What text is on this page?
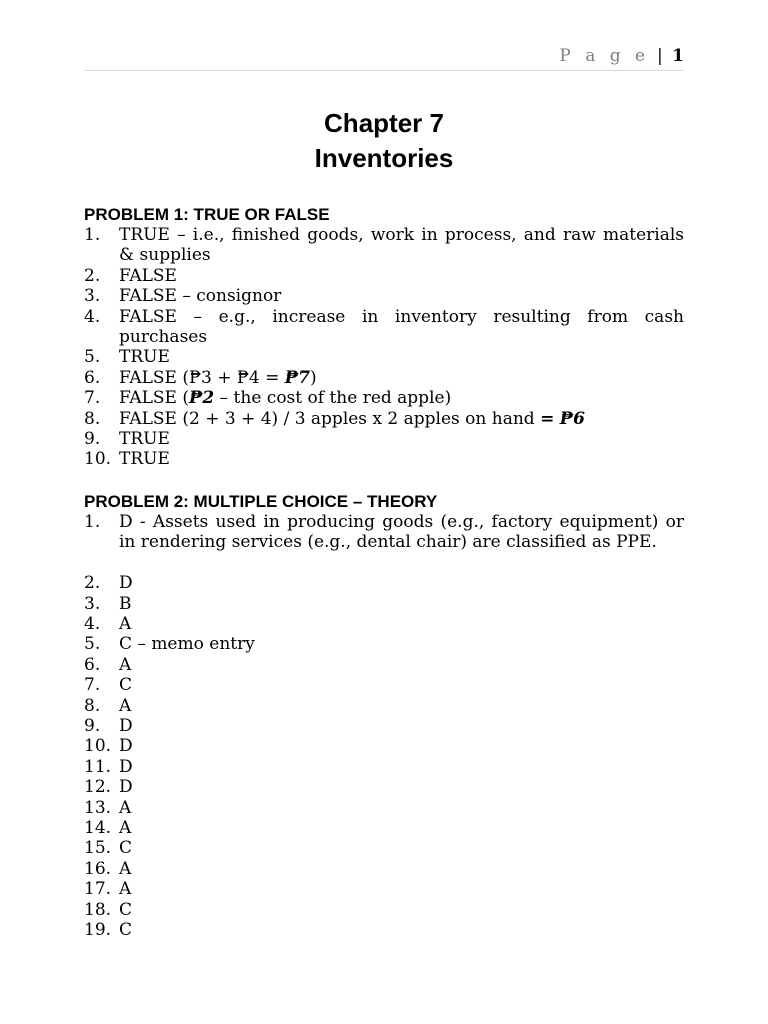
P a g e | 1
Chapter 7
Inventories
PROBLEM 1: TRUE OR FALSE
1. TRUE – i.e., finished goods, work in process, and raw materials & supplies
2. FALSE
3. FALSE – consignor
4. FALSE – e.g., increase in inventory resulting from cash purchases
5. TRUE
6. FALSE (₱3 + ₱4 = ₱7)
7. FALSE (₱2 – the cost of the red apple)
8. FALSE (2 + 3 + 4) / 3 apples x 2 apples on hand = ₱6
9. TRUE
10. TRUE
PROBLEM 2: MULTIPLE CHOICE – THEORY
1. D - Assets used in producing goods (e.g., factory equipment) or in rendering services (e.g., dental chair) are classified as PPE.
2. D
3. B
4. A
5. C – memo entry
6. A
7. C
8. A
9. D
10. D
11. D
12. D
13. A
14. A
15. C
16. A
17. A
18. C
19. C
